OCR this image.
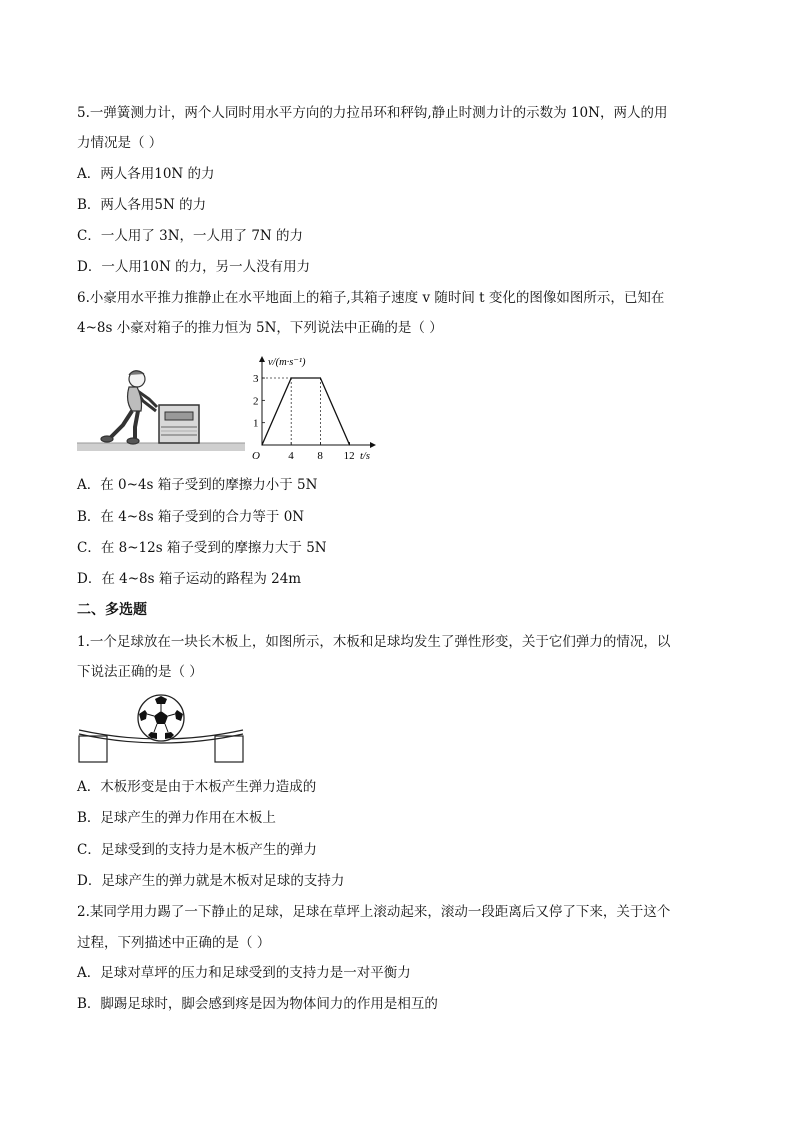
5.一弹簧测力计，两个人同时用水平方向的力拉吊环和秤钩,静止时测力计的示数为 10N，两人的用
力情况是（ ）
A．两人各用10N 的力
B．两人各用5N 的力
C．一人用了 3N，一人用了 7N 的力
D．一人用10N 的力，另一人没有用力
6.小豪用水平推力推静止在水平地面上的箱子,其箱子速度 v 随时间 t 变化的图像如图所示，已知在
4~8s 小豪对箱子的推力恒为 5N，下列说法中正确的是（ ）
1
2
3
4 8 12
v/(m·s⁻¹)
t/s
O
A．在 0~4s 箱子受到的摩擦力小于 5N
B．在 4~8s 箱子受到的合力等于 0N
C．在 8~12s 箱子受到的摩擦力大于 5N
D．在 4~8s 箱子运动的路程为 24m
二、多选题
1.一个足球放在一块长木板上，如图所示，木板和足球均发生了弹性形变，关于它们弹力的情况，以
下说法正确的是（ ）
A．木板形变是由于木板产生弹力造成的
B．足球产生的弹力作用在木板上
C．足球受到的支持力是木板产生的弹力
D．足球产生的弹力就是木板对足球的支持力
2.某同学用力踢了一下静止的足球，足球在草坪上滚动起来，滚动一段距离后又停了下来，关于这个
过程，下列描述中正确的是（ ）
A．足球对草坪的压力和足球受到的支持力是一对平衡力
B．脚踢足球时，脚会感到疼是因为物体间力的作用是相互的
